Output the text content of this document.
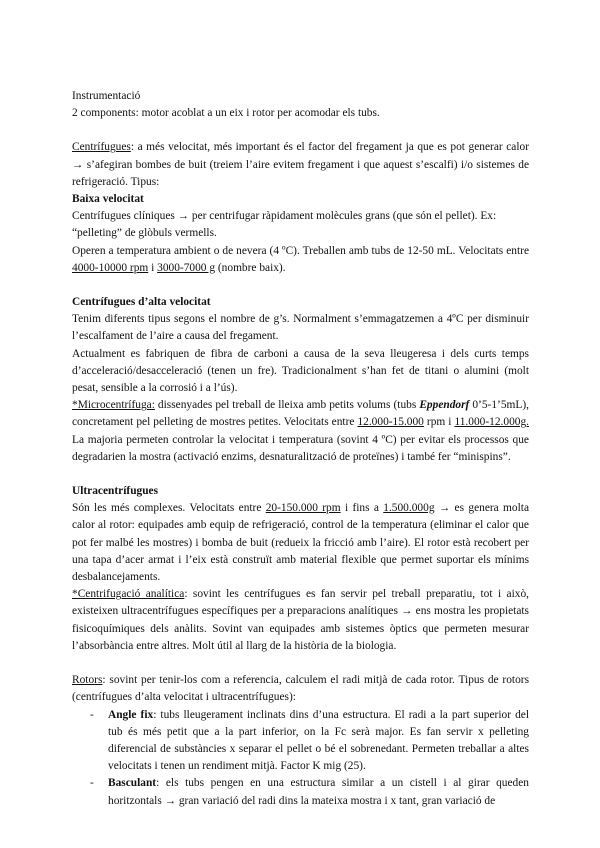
Instrumentació

2 components: motor acoblat a un eix i rotor per acomodar els tubs.

Centrífugues: a més velocitat, més important és el factor del fregament ja que es pot generar calor → s’afegiran bombes de buit (treiem l’aire evitem fregament i que aquest s’escalfi) i/o sistemes de refrigeració. Tipus:

Baixa velocitat

Centrífugues clíniques → per centrifugar ràpidament molècules grans (que són el pellet). Ex: “pelleting” de glòbuls vermells.

Operen a temperatura ambient o de nevera (4 ºC). Treballen amb tubs de 12-50 mL. Velocitats entre 4000-10000 rpm i 3000-7000 g (nombre baix).

Centrífugues d’alta velocitat

Tenim diferents tipus segons el nombre de g’s. Normalment s’emmagatzemen a 4ºC per disminuir l’escalfament de l’aire a causa del fregament.

Actualment es fabriquen de fibra de carboni a causa de la seva lleugeresa i dels curts temps d’acceleració/desacceleració (tenen un fre). Tradicionalment s’han fet de titani o alumini (molt pesat, sensible a la corrosió i a l’ús).

*Microcentrífuga: dissenyades pel treball de lleixa amb petits volums (tubs Eppendorf 0’5-1’5mL), concretament pel pelleting de mostres petites. Velocitats entre 12.000-15.000 rpm i 11.000-12.000g. La majoria permeten controlar la velocitat i temperatura (sovint 4 ºC) per evitar els processos que degradarien la mostra (activació enzims, desnaturalització de proteïnes) i també fer “minispins”.

Ultracentrífugues

Són les més complexes. Velocitats entre 20-150.000 rpm i fins a 1.500.000g → es genera molta calor al rotor: equipades amb equip de refrigeració, control de la temperatura (eliminar el calor que pot fer malbé les mostres) i bomba de buit (redueix la fricció amb l’aire). El rotor està recobert per una tapa d’acer armat i l’eix està construït amb material flexible que permet suportar els mínims desbalancejaments.

*Centrifugació analítica: sovint les centrífugues es fan servir pel treball preparatiu, tot i això, existeixen ultracentrífugues específiques per a preparacions analítiques → ens mostra les propietats fisicoquímiques dels anàlits. Sovint van equipades amb sistemes òptics que permeten mesurar l’absorbància entre altres. Molt útil al llarg de la història de la biologia.

Rotors: sovint per tenir-los com a referencia, calculem el radi mitjà de cada rotor. Tipus de rotors (centrífugues d’alta velocitat i ultracentrífugues):

- Angle fix: tubs lleugerament inclinats dins d’una estructura. El radi a la part superior del tub és més petit que a la part inferior, on la Fc serà major. Es fan servir x pelleting diferencial de substàncies x separar el pellet o bé el sobrenedant. Permeten treballar a altes velocitats i tenen un rendiment mitjà. Factor K mig (25).
- Basculant: els tubs pengen en una estructura similar a un cistell i al girar queden horitzontals → gran variació del radi dins la mateixa mostra i x tant, gran variació de
